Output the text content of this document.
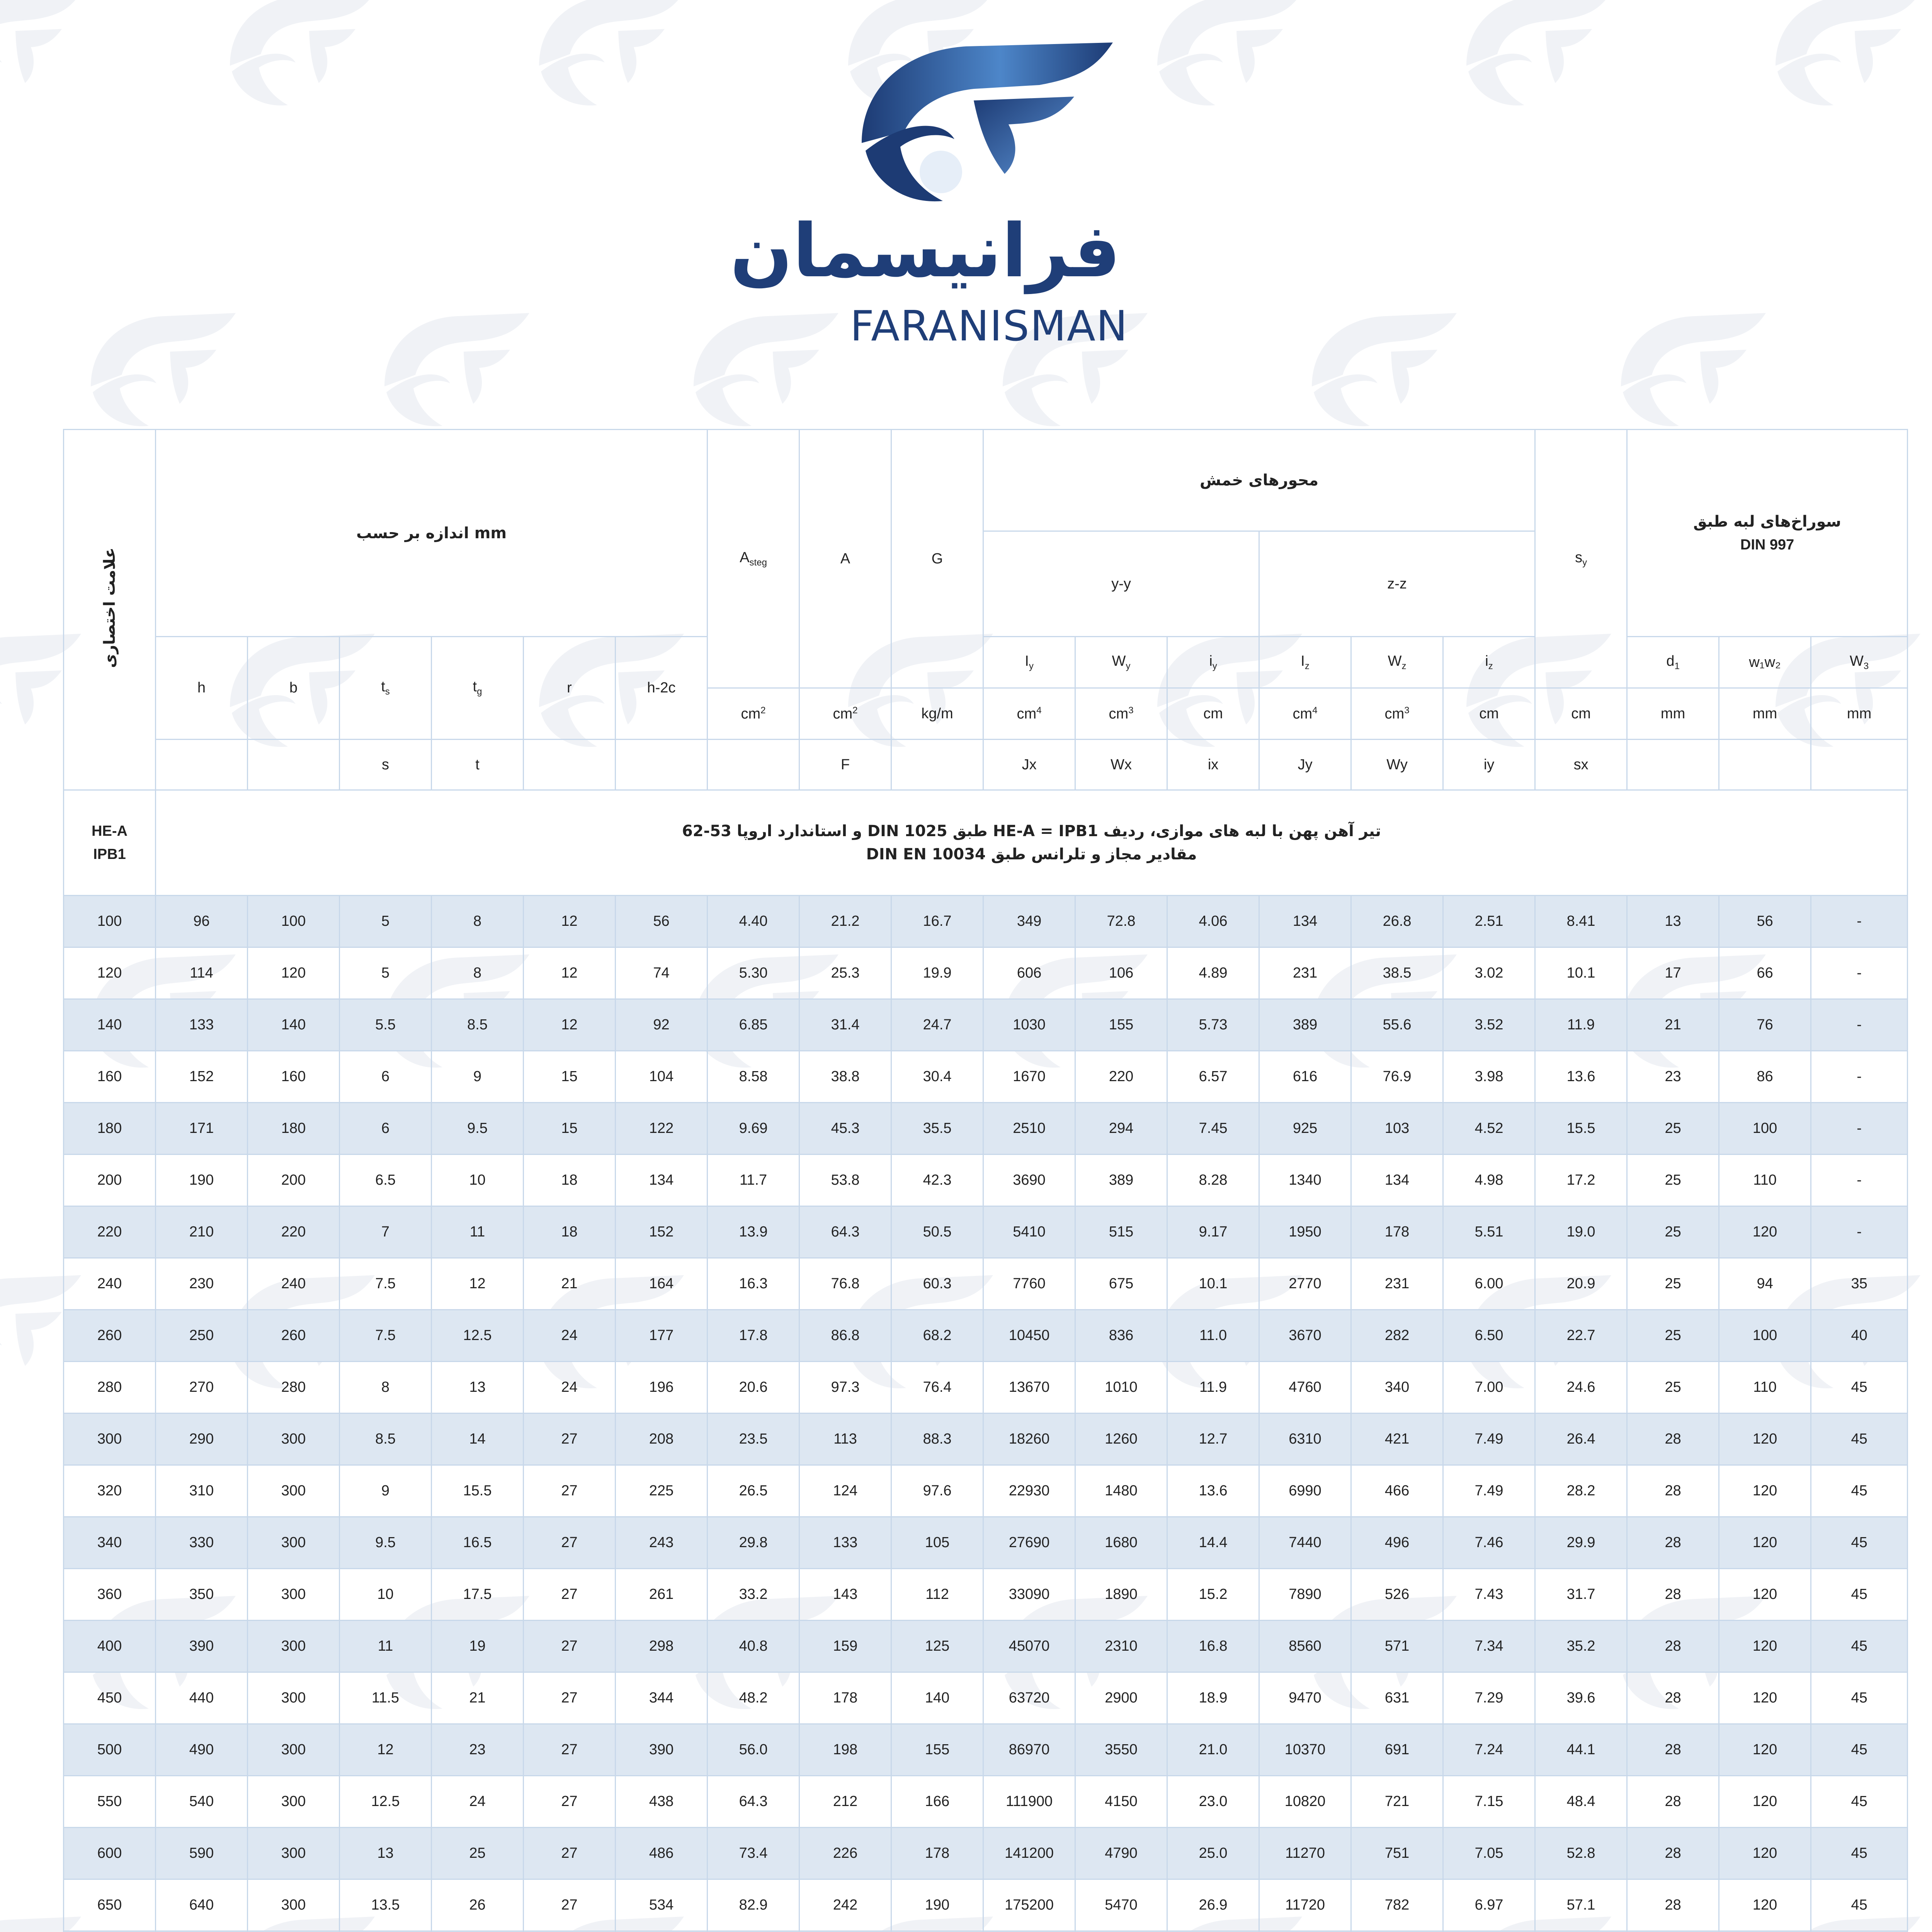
فرانیسمان
FARANISMAN
علامت اختصاری	اندازه بر حسب mm						$A_{steg}$	A	G	محورهای خمش						$s_y$	سوراخ‌های لبه طبق
DIN 997		

										y-y			z-z						
	h	b	$t_s$	$t_g$	r	h-2c				$I_y$	$W_y$	$i_y$	$I_z$	$W_z$	$i_z$		$d_1$	w₁w₂	$W_3$
							$cm^2$	$cm^2$	kg/m	$cm^4$	$cm^3$	cm	$cm^4$	$cm^3$	cm	cm	mm	mm	mm
			s	t				F		Jx	Wx	ix	Jy	Wy	iy	sx			

HE-A
IPB1	تیر آهن پهن با لبه های موازی، ردیف HE-A = IPB1 طبق DIN 1025 و استاندارد اروپا 53-62
مقادیر مجاز و تلرانس طبق DIN EN 10034																		

100	96	100	5	8	12	56	4.40	21.2	16.7	349	72.8	4.06	134	26.8	2.51	8.41	13	56	-
120	114	120	5	8	12	74	5.30	25.3	19.9	606	106	4.89	231	38.5	3.02	10.1	17	66	-
140	133	140	5.5	8.5	12	92	6.85	31.4	24.7	1030	155	5.73	389	55.6	3.52	11.9	21	76	-
160	152	160	6	9	15	104	8.58	38.8	30.4	1670	220	6.57	616	76.9	3.98	13.6	23	86	-
180	171	180	6	9.5	15	122	9.69	45.3	35.5	2510	294	7.45	925	103	4.52	15.5	25	100	-
200	190	200	6.5	10	18	134	11.7	53.8	42.3	3690	389	8.28	1340	134	4.98	17.2	25	110	-
220	210	220	7	11	18	152	13.9	64.3	50.5	5410	515	9.17	1950	178	5.51	19.0	25	120	-
240	230	240	7.5	12	21	164	16.3	76.8	60.3	7760	675	10.1	2770	231	6.00	20.9	25	94	35
260	250	260	7.5	12.5	24	177	17.8	86.8	68.2	10450	836	11.0	3670	282	6.50	22.7	25	100	40
280	270	280	8	13	24	196	20.6	97.3	76.4	13670	1010	11.9	4760	340	7.00	24.6	25	110	45
300	290	300	8.5	14	27	208	23.5	113	88.3	18260	1260	12.7	6310	421	7.49	26.4	28	120	45
320	310	300	9	15.5	27	225	26.5	124	97.6	22930	1480	13.6	6990	466	7.49	28.2	28	120	45
340	330	300	9.5	16.5	27	243	29.8	133	105	27690	1680	14.4	7440	496	7.46	29.9	28	120	45
360	350	300	10	17.5	27	261	33.2	143	112	33090	1890	15.2	7890	526	7.43	31.7	28	120	45
400	390	300	11	19	27	298	40.8	159	125	45070	2310	16.8	8560	571	7.34	35.2	28	120	45
450	440	300	11.5	21	27	344	48.2	178	140	63720	2900	18.9	9470	631	7.29	39.6	28	120	45
500	490	300	12	23	27	390	56.0	198	155	86970	3550	21.0	10370	691	7.24	44.1	28	120	45
550	540	300	12.5	24	27	438	64.3	212	166	111900	4150	23.0	10820	721	7.15	48.4	28	120	45
600	590	300	13	25	27	486	73.4	226	178	141200	4790	25.0	11270	751	7.05	52.8	28	120	45
650	640	300	13.5	26	27	534	82.9	242	190	175200	5470	26.9	11720	782	6.97	57.1	28	120	45
